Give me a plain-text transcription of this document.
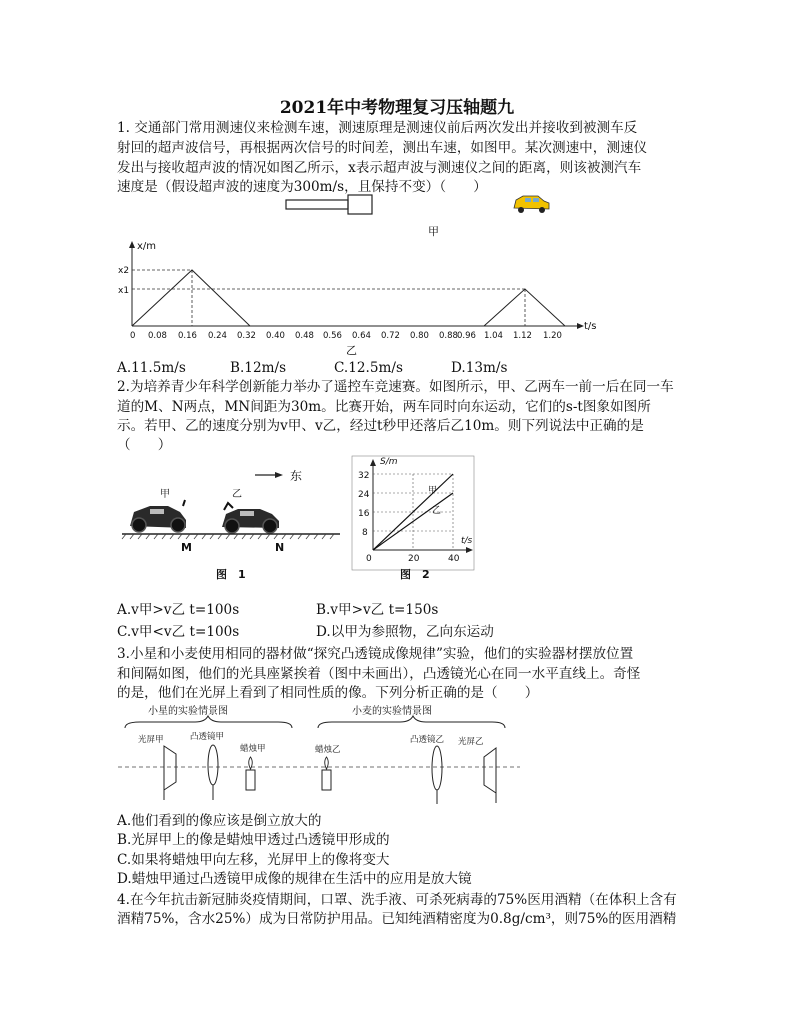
2021年中考物理复习压轴题九
1. 交通部门常用测速仪来检测车速，测速原理是测速仪前后两次发出并接收到被测车反
射回的超声波信号，再根据两次信号的时间差，测出车速，如图甲。某次测速中，测速仪
发出与接收超声波的情况如图乙所示，x表示超声波与测速仪之间的距离，则该被测汽车
速度是（假设超声波的速度为300m/s，且保持不变）（　　）
甲
x/m
t/s
x2
x1
0 0.08 0.16 0.24 0.32 0.40 0.48 0.56 0.64 0.72 0.80 0.88 0.96 1.04 1.12 1.20
乙
东
甲	乙
M	N
图　1
S/m
t/s
32
24
16
8
0	20	40
甲
乙
图　2
小星的实验情景图	小麦的实验情景图
光屏甲	凸透镜甲
蜡烛甲	蜡烛乙
凸透镜乙 光屏乙
A.11.5m/s	B.12m/s	C.12.5m/s	D.13m/s
2.为培养青少年科学创新能力举办了遥控车竞速赛。如图所示，甲、乙两车一前一后在同一车
道的M、N两点，MN间距为30m。比赛开始，两车同时向东运动，它们的s-t图象如图所
示。若甲、乙的速度分别为v甲、v乙，经过t秒甲还落后乙10m。则下列说法中正确的是
（　　）
A.v甲>v乙 t=100s	B.v甲>v乙 t=150s
C.v甲<v乙 t=100s	D.以甲为参照物，乙向东运动
3.小星和小麦使用相同的器材做“探究凸透镜成像规律”实验，他们的实验器材摆放位置
和间隔如图，他们的光具座紧挨着（图中未画出），凸透镜光心在同一水平直线上。奇怪
的是，他们在光屏上看到了相同性质的像。下列分析正确的是（　　）
A.他们看到的像应该是倒立放大的
B.光屏甲上的像是蜡烛甲透过凸透镜甲形成的
C.如果将蜡烛甲向左移，光屏甲上的像将变大
D.蜡烛甲通过凸透镜甲成像的规律在生活中的应用是放大镜
4.在今年抗击新冠肺炎疫情期间，口罩、洗手液、可杀死病毒的75%医用酒精（在体积上含有
酒精75%，含水25%）成为日常防护用品。已知纯酒精密度为0.8g/cm³，则75%的医用酒精
